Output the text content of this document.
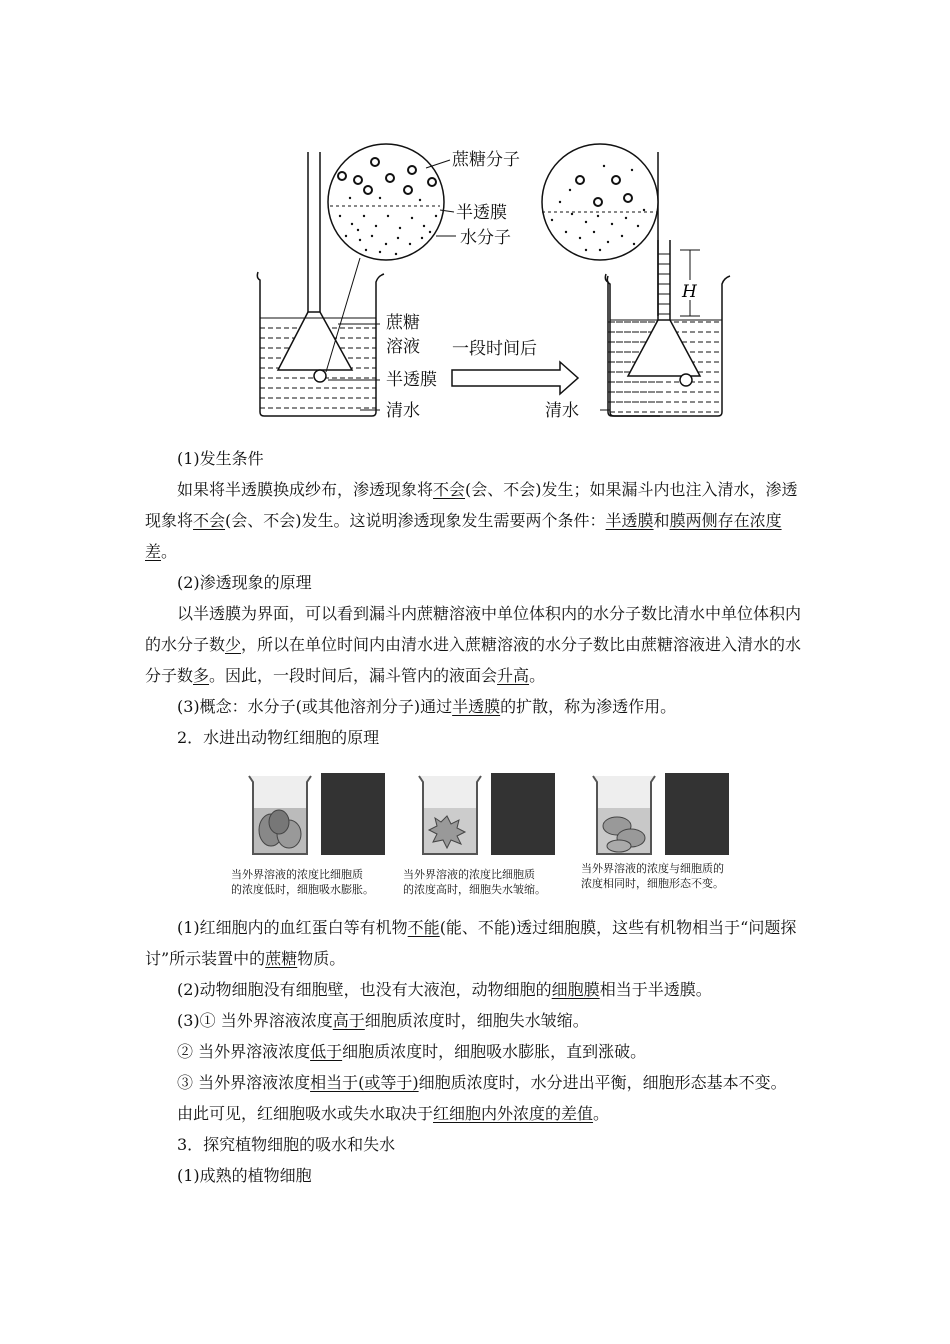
蔗糖分子
半透膜
水分子
蔗糖
溶液
半透膜
清水
一段时间后
清水
H

(1)发生条件

如果将半透膜换成纱布，渗透现象将不会(会、不会)发生；如果漏斗内也注入清水，渗透现象将不会(会、不会)发生。这说明渗透现象发生需要两个条件：半透膜和膜两侧存在浓度差。

(2)渗透现象的原理

以半透膜为界面，可以看到漏斗内蔗糖溶液中单位体积内的水分子数比清水中单位体积内的水分子数少，所以在单位时间内由清水进入蔗糖溶液的水分子数比由蔗糖溶液进入清水的水分子数多。因此，一段时间后，漏斗管内的液面会升高。

(3)概念：水分子(或其他溶剂分子)通过半透膜的扩散，称为渗透作用。

2．水进出动物红细胞的原理

当外界溶液的浓度比细胞质
的浓度低时，细胞吸水膨胀。
当外界溶液的浓度比细胞质
的浓度高时，细胞失水皱缩。
当外界溶液的浓度与细胞质的
浓度相同时，细胞形态不变。

(1)红细胞内的血红蛋白等有机物不能(能、不能)透过细胞膜，这些有机物相当于“问题探讨”所示装置中的蔗糖物质。

(2)动物细胞没有细胞壁，也没有大液泡，动物细胞的细胞膜相当于半透膜。

(3)① 当外界溶液浓度高于细胞质浓度时，细胞失水皱缩。

② 当外界溶液浓度低于细胞质浓度时，细胞吸水膨胀，直到涨破。

③ 当外界溶液浓度相当于(或等于)细胞质浓度时，水分进出平衡，细胞形态基本不变。

由此可见，红细胞吸水或失水取决于红细胞内外浓度的差值。

3．探究植物细胞的吸水和失水

(1)成熟的植物细胞
